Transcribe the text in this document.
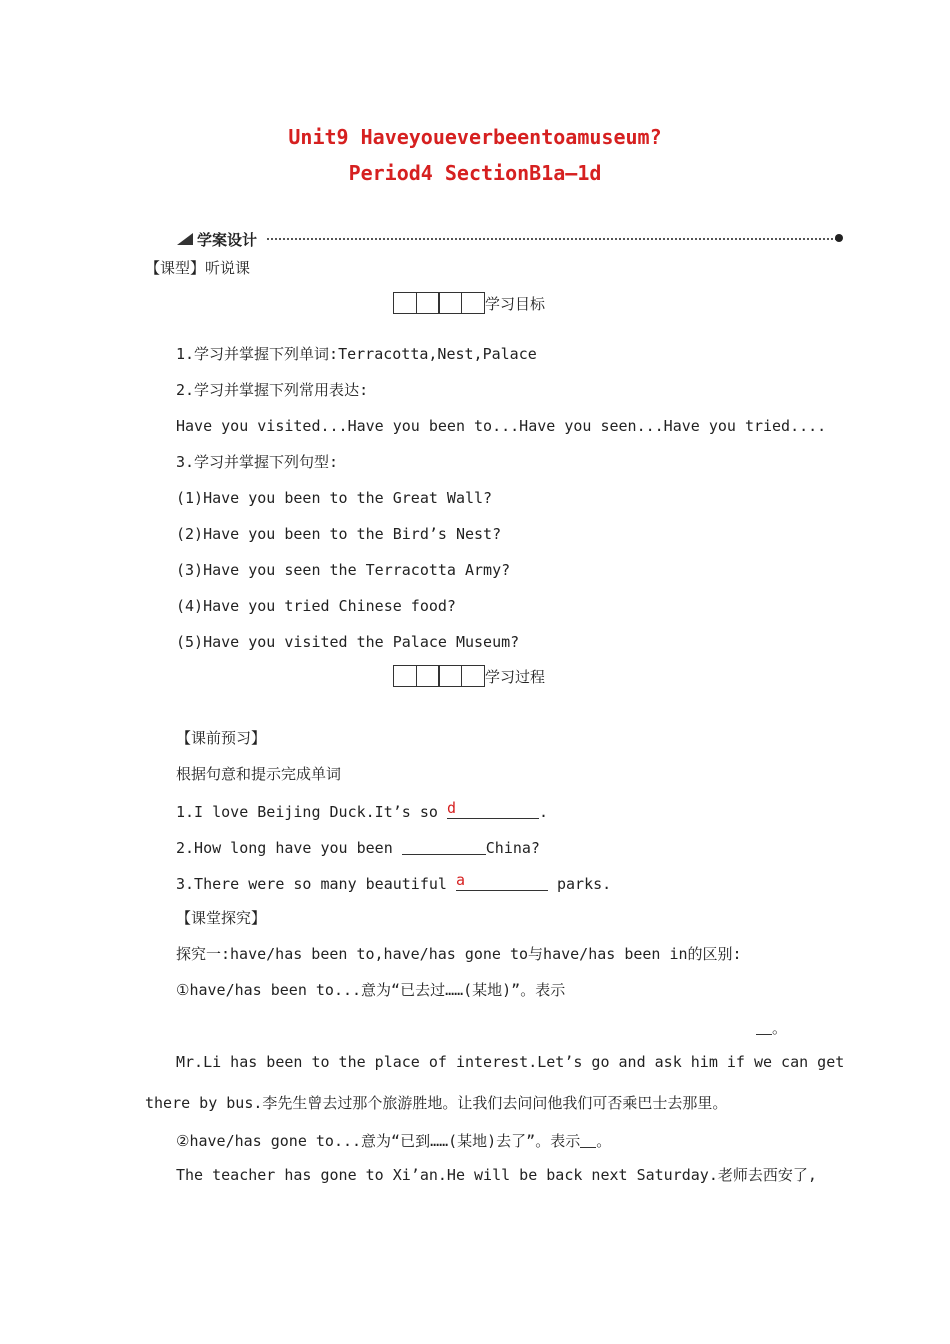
Unit9 Haveyoueverbeentoamuseum?
Period4 SectionB1a—1d
学案设计
【课型】听说课
学习目标
1.学习并掌握下列单词:Terracotta,Nest,Palace
2.学习并掌握下列常用表达:
Have you visited...Have you been to...Have you seen...Have you tried....
3.学习并掌握下列句型:
(1)Have you been to the Great Wall?
(2)Have you been to the Bird’s Nest?
(3)Have you seen the Terracotta Army?
(4)Have you tried Chinese food?
(5)Have you visited the Palace Museum?
学习过程
【课前预习】
根据句意和提示完成单词
1.I love Beijing Duck.It’s so d	.
2.How long have you been	China?
3.There were so many beautiful a	parks.
【课堂探究】
探究一:have/has been to,have/has gone to与have/has been in的区别:
①have/has been to...意为“已去过……(某地)”。表示
。
Mr.Li has been to the place of interest.Let’s go and ask him if we can get
there by bus.李先生曾去过那个旅游胜地。让我们去问问他我们可否乘巴士去那里。
②have/has gone to...意为“已到……(某地)去了”。表示 。
The teacher has gone to Xi’an.He will be back next Saturday.老师去西安了,
